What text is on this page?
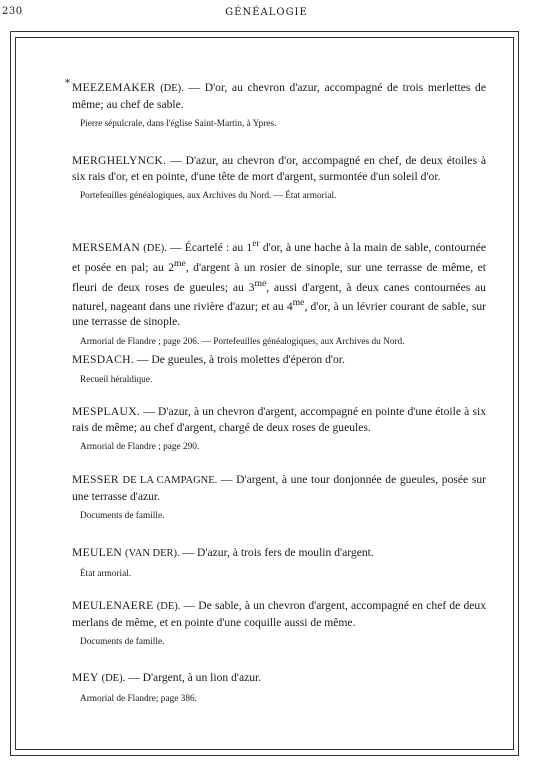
230	GÉNÉALOGIE
* MEEZEMAKER (DE). — D'or, au chevron d'azur, accompagné de trois merlettes de même; au chef de sable.

Pierre sépulcrale, dans l'église Saint-Martin, à Ypres.

MERGHELYNCK. — D'azur, au chevron d'or, accompagné en chef, de deux étoiles à six rais d'or, et en pointe, d'une tête de mort d'argent, surmontée d'un soleil d'or.

Portefeuilles généalogiques, aux Archives du Nord. — État armorial.

MERSEMAN (DE). — Écartelé : au 1er d'or, à une hache à la main de sable, contournée et posée en pal; au $2^{me}$, d'argent à un rosier de sinople, sur une terrasse de même, et fleuri de deux roses de gueules; au $3^{me}$, aussi d'argent, à deux canes contournées au naturel, nageant dans une rivière d'azur; et au $4^{me}$, d'or, à un lévrier courant de sable, sur une terrasse de sinople.

Armorial de Flandre ; page 206. — Portefeuilles généalogiques, aux Archives du Nord.

MESDACH. — De gueules, à trois molettes d'éperon d'or.

Recueil héraldique.

MESPLAUX. — D'azur, à un chevron d'argent, accompagné en pointe d'une étoile à six rais de même; au chef d'argent, chargé de deux roses de gueules.

Armorial de Flandre ; page 290.

MESSER DE LA CAMPAGNE. — D'argent, à une tour donjonnée de gueules, posée sur une terrasse d'azur.

Documents de famille.

MEULEN (VAN DER). — D'azur, à trois fers de moulin d'argent.

État armorial.

MEULENAERE (DE). — De sable, à un chevron d'argent, accompagné en chef de deux merlans de même, et en pointe d'une coquille aussi de même.

Documents de famille.

MEY (DE). — D'argent, à un lion d'azur.

Armorial de Flandre; page 386.
